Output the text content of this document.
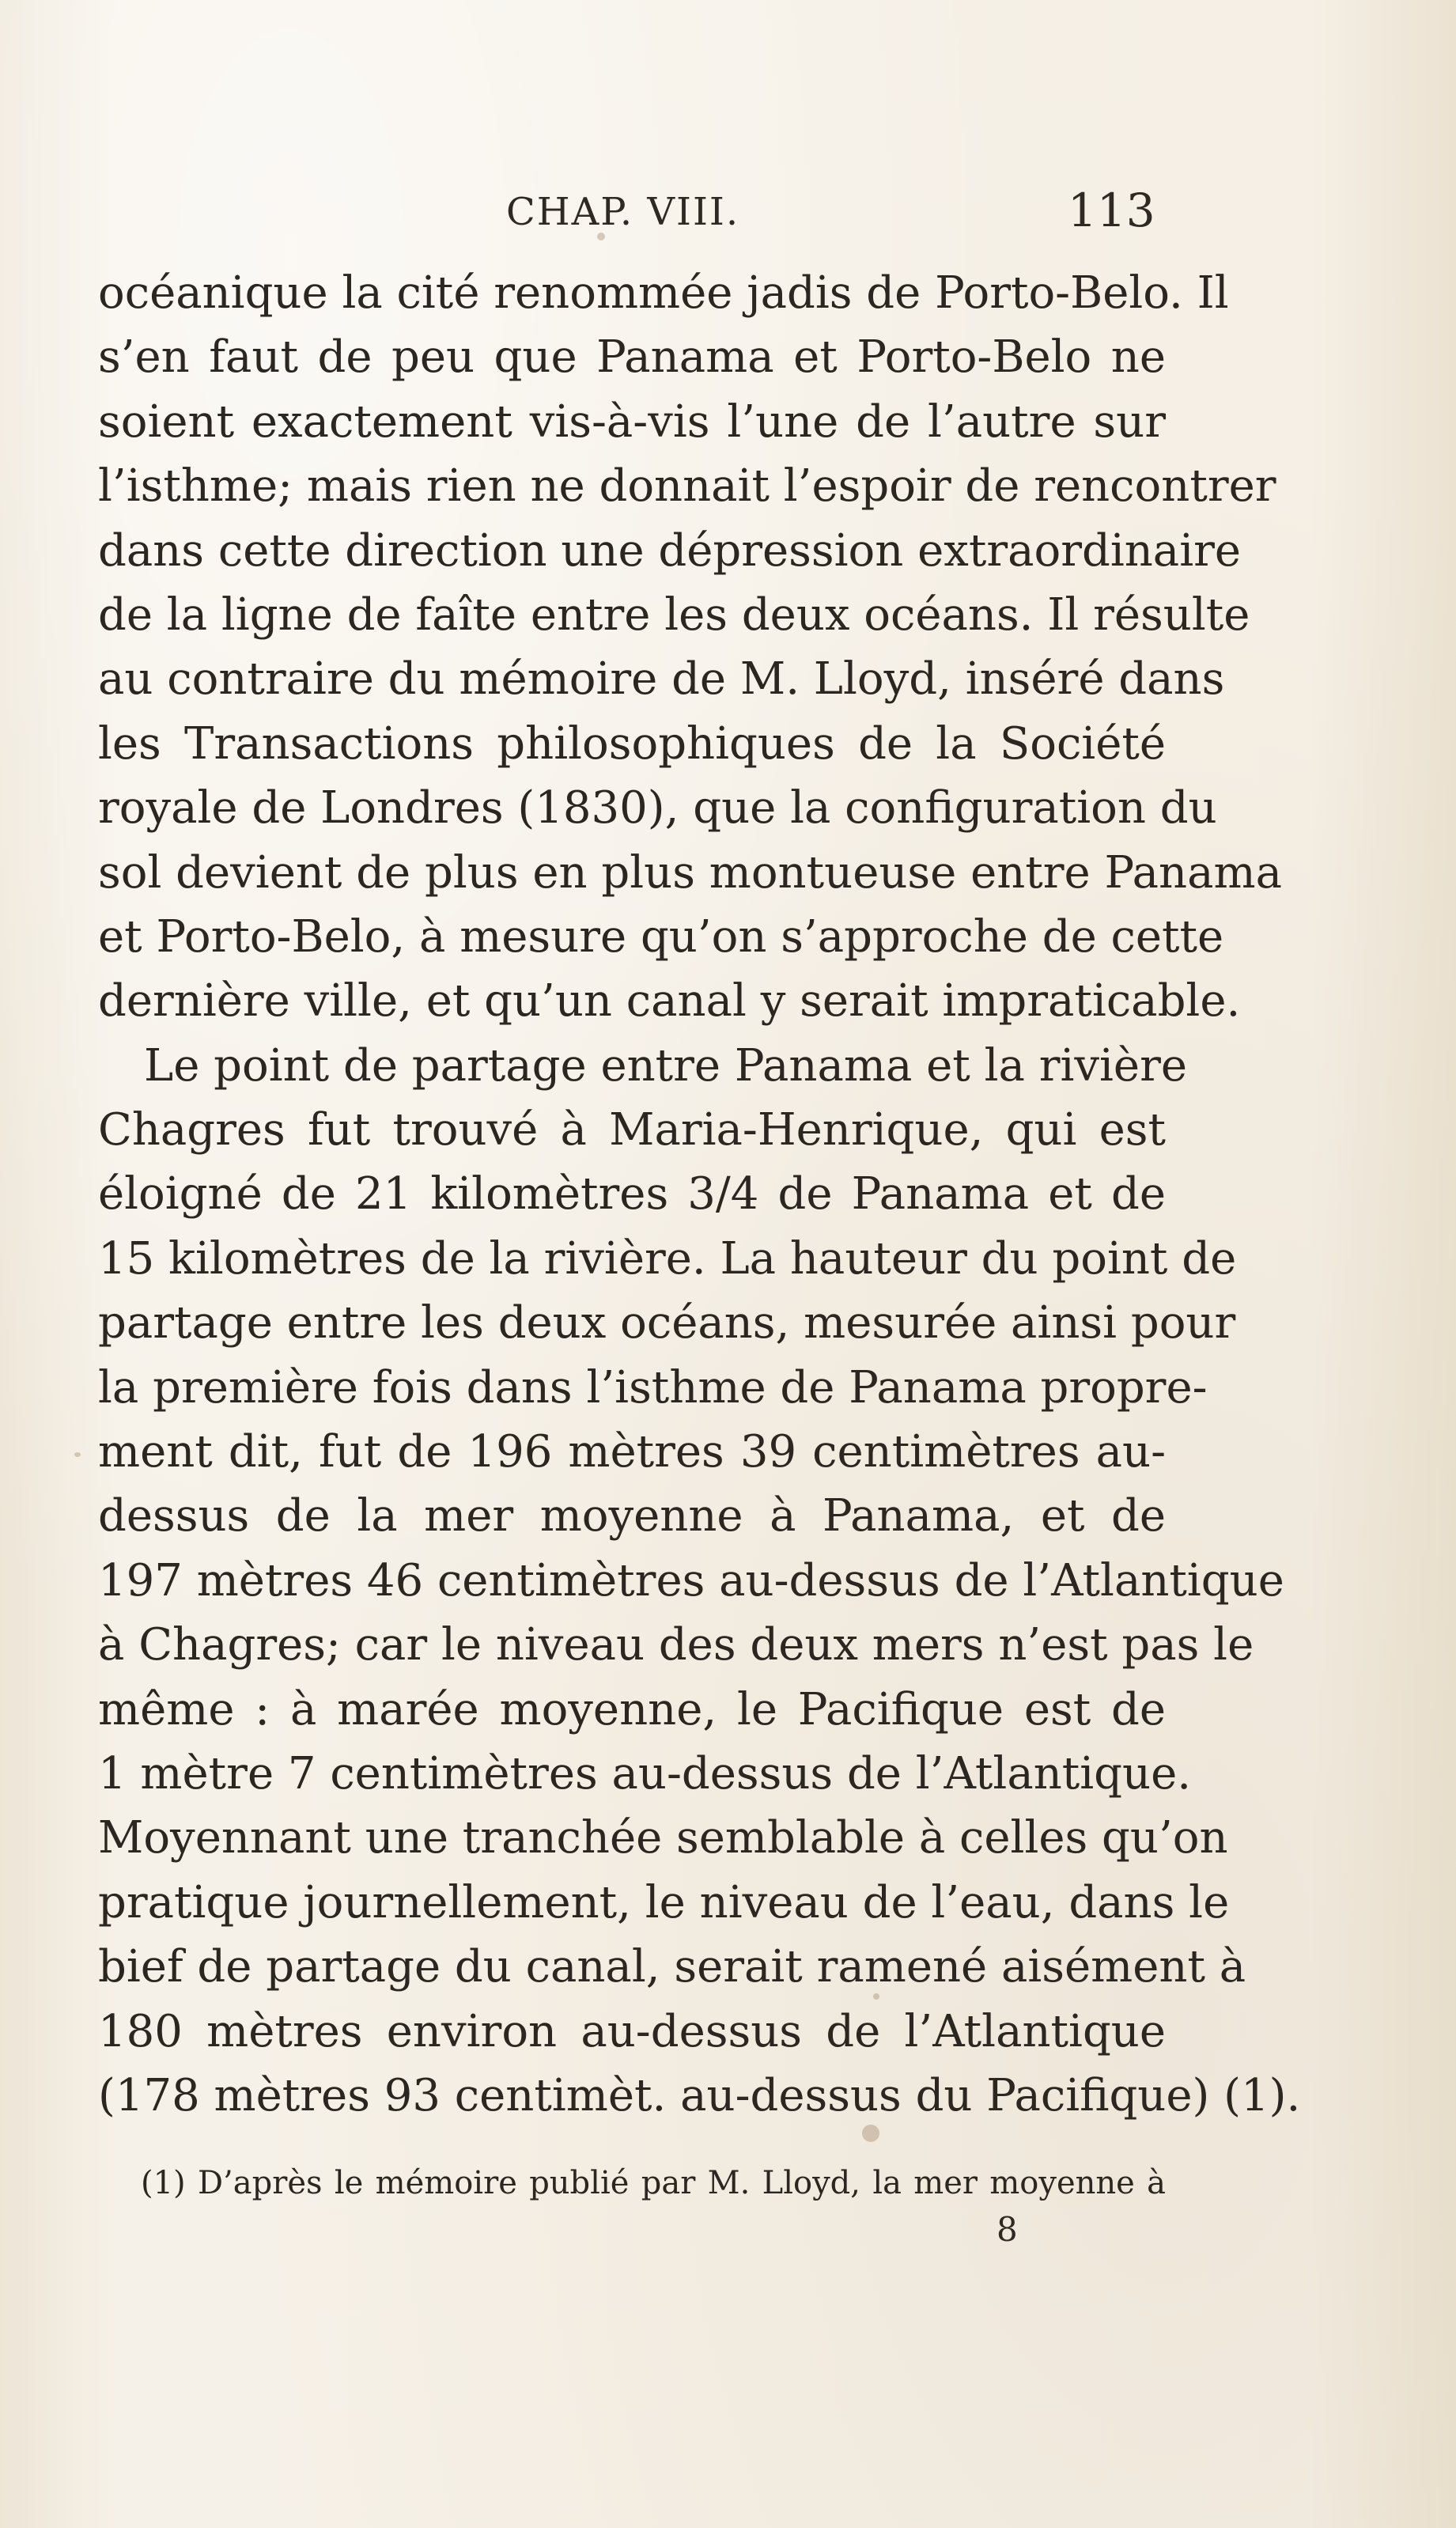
CHAP. VIII.	113
océanique la cité renommée jadis de Porto-Belo. Il
s’en faut de peu que Panama et Porto-Belo ne
soient exactement vis-à-vis l’une de l’autre sur
l’isthme; mais rien ne donnait l’espoir de rencontrer
dans cette direction une dépression extraordinaire
de la ligne de faîte entre les deux océans. Il résulte
au contraire du mémoire de M. Lloyd, inséré dans
les Transactions philosophiques de la Société
royale de Londres (1830), que la configuration du
sol devient de plus en plus montueuse entre Panama
et Porto-Belo, à mesure qu’on s’approche de cette
dernière ville, et qu’un canal y serait impraticable.
Le point de partage entre Panama et la rivière
Chagres fut trouvé à Maria-Henrique, qui est
éloigné de 21 kilomètres 3/4 de Panama et de
15 kilomètres de la rivière. La hauteur du point de
partage entre les deux océans, mesurée ainsi pour
la première fois dans l’isthme de Panama propre-
ment dit, fut de 196 mètres 39 centimètres au-
dessus de la mer moyenne à Panama, et de
197 mètres 46 centimètres au-dessus de l’Atlantique
à Chagres; car le niveau des deux mers n’est pas le
même : à marée moyenne, le Pacifique est de
1 mètre 7 centimètres au-dessus de l’Atlantique.
Moyennant une tranchée semblable à celles qu’on
pratique journellement, le niveau de l’eau, dans le
bief de partage du canal, serait ramené aisément à
180 mètres environ au-dessus de l’Atlantique
(178 mètres 93 centimèt. au-dessus du Pacifique) (1).
(1) D’après le mémoire publié par M. Lloyd, la mer moyenne à
8
